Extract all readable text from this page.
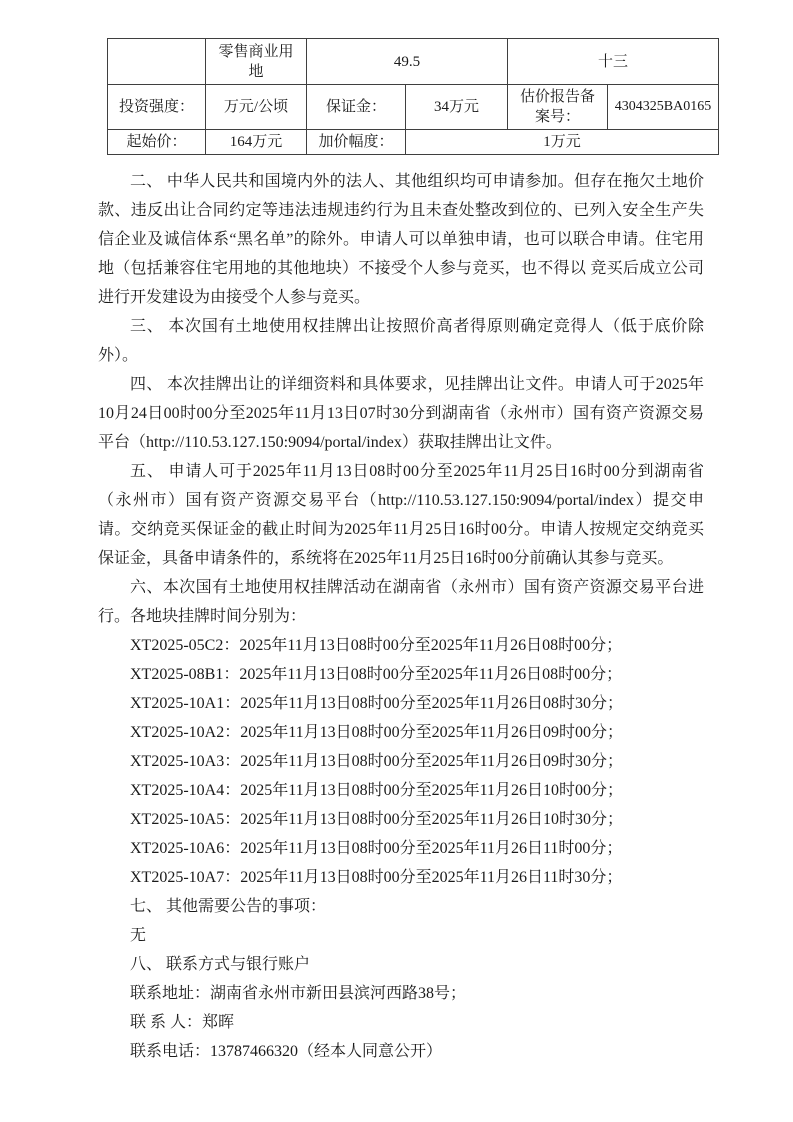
	零售商业用地	49.5		十三	
投资强度：	万元/公顷	保证金：	34万元	估价报告备案号：	4304325BA0165
起始价：	164万元	加价幅度：	1万元		

二、 中华人民共和国境内外的法人、其他组织均可申请参加。但存在拖欠土地价款、违反出让合同约定等违法违规违约行为且未查处整改到位的、已列入安全生产失信企业及诚信体系“黑名单”的除外。申请人可以单独申请，也可以联合申请。住宅用地（包括兼容住宅用地的其他地块）不接受个人参与竞买，也不得以 竞买后成立公司进行开发建设为由接受个人参与竞买。

三、 本次国有土地使用权挂牌出让按照价高者得原则确定竞得人（低于底价除外）。

四、 本次挂牌出让的详细资料和具体要求，见挂牌出让文件。申请人可于2025年10月24日00时00分至2025年11月13日07时30分到湖南省（永州市）国有资产资源交易平台（http://110.53.127.150:9094/portal/index）获取挂牌出让文件。

五、 申请人可于2025年11月13日08时00分至2025年11月25日16时00分到湖南省（永州市）国有资产资源交易平台（http://110.53.127.150:9094/portal/index）提交申请。交纳竞买保证金的截止时间为2025年11月25日16时00分。申请人按规定交纳竞买保证金，具备申请条件的，系统将在2025年11月25日16时00分前确认其参与竞买。

六、本次国有土地使用权挂牌活动在湖南省（永州市）国有资产资源交易平台进行。各地块挂牌时间分别为：

XT2025-05C2：2025年11月13日08时00分至2025年11月26日08时00分；

XT2025-08B1：2025年11月13日08时00分至2025年11月26日08时00分；

XT2025-10A1：2025年11月13日08时00分至2025年11月26日08时30分；

XT2025-10A2：2025年11月13日08时00分至2025年11月26日09时00分；

XT2025-10A3：2025年11月13日08时00分至2025年11月26日09时30分；

XT2025-10A4：2025年11月13日08时00分至2025年11月26日10时00分；

XT2025-10A5：2025年11月13日08时00分至2025年11月26日10时30分；

XT2025-10A6：2025年11月13日08时00分至2025年11月26日11时00分；

XT2025-10A7：2025年11月13日08时00分至2025年11月26日11时30分；

七、 其他需要公告的事项：

无

八、 联系方式与银行账户

联系地址：湖南省永州市新田县滨河西路38号；

联 系 人：郑晖

联系电话：13787466320（经本人同意公开）
